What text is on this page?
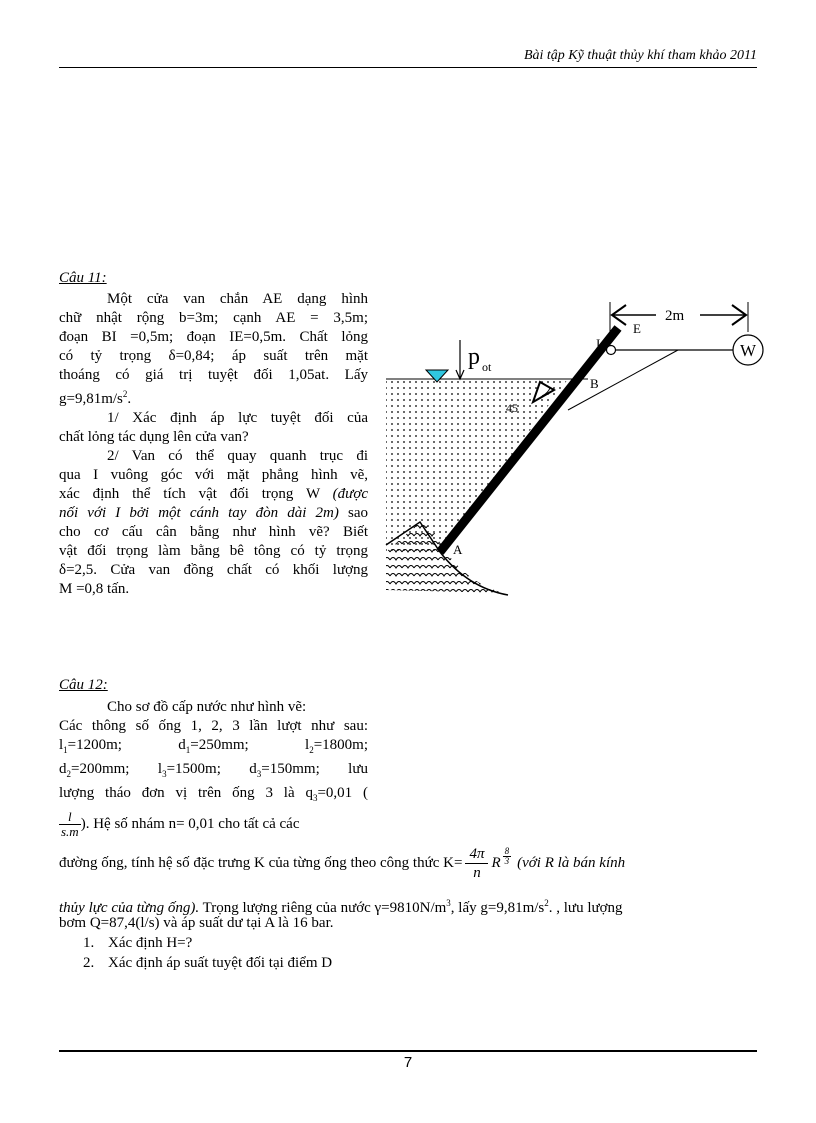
Bài tập Kỹ thuật thủy khí tham khảo 2011
Câu 11:
Một cửa van chắn AE dạng hình
chữ nhật rộng b=3m; cạnh AE = 3,5m;
đoạn BI =0,5m; đoạn IE=0,5m. Chất lỏng
có tỷ trọng δ=0,84; áp suất trên mặt
thoáng có giá trị tuyệt đối 1,05at. Lấy
$g=9,81m/s^2$.
1/ Xác định áp lực tuyệt đối của
chất lỏng tác dụng lên cửa van?
2/ Van có thể quay quanh trục đi
qua I vuông góc với mặt phẳng hình vẽ,
xác định thể tích vật đối trọng W (được
nối với I bởi một cánh tay đòn dài 2m) sao
cho cơ cấu cân bằng như hình vẽ? Biết
vật đối trọng làm bằng bê tông có tỷ trọng
δ=2,5. Cửa van đồng chất có khối lượng
M =0,8 tấn.
p ot
2m
45
W
E
I
B
A
Câu 12:
Cho sơ đồ cấp nước như hình vẽ:
Các thông số ống 1, 2, 3 lần lượt như sau:
$l_1=1200m$;	$d_1=250mm$;	$l_2=1800m$;
$d_2=200mm$; $l_3=1500m$; $d_3=150mm$; lưu
lượng tháo đơn vị trên ống 3 là $q_3=0,01$ (
$\frac{l}{s.m}$ ). Hệ số nhám n= 0,01 cho tất cả các
đường ống, tính hệ số đặc trưng K của từng ống theo công thức $K= \frac{4\pi}{n}$ R $\frac{8}{3}$ (với R là bán kính
thủy lực của từng ống). Trọng lượng riêng của nước $\gamma=9810N/m^3$, lấy $g=9,81m/s^2$. , lưu lượng
bơm Q=87,4(l/s) và áp suất dư tại A là 16 bar.
1. Xác định H=?
2. Xác định áp suất tuyệt đối tại điểm D
7
